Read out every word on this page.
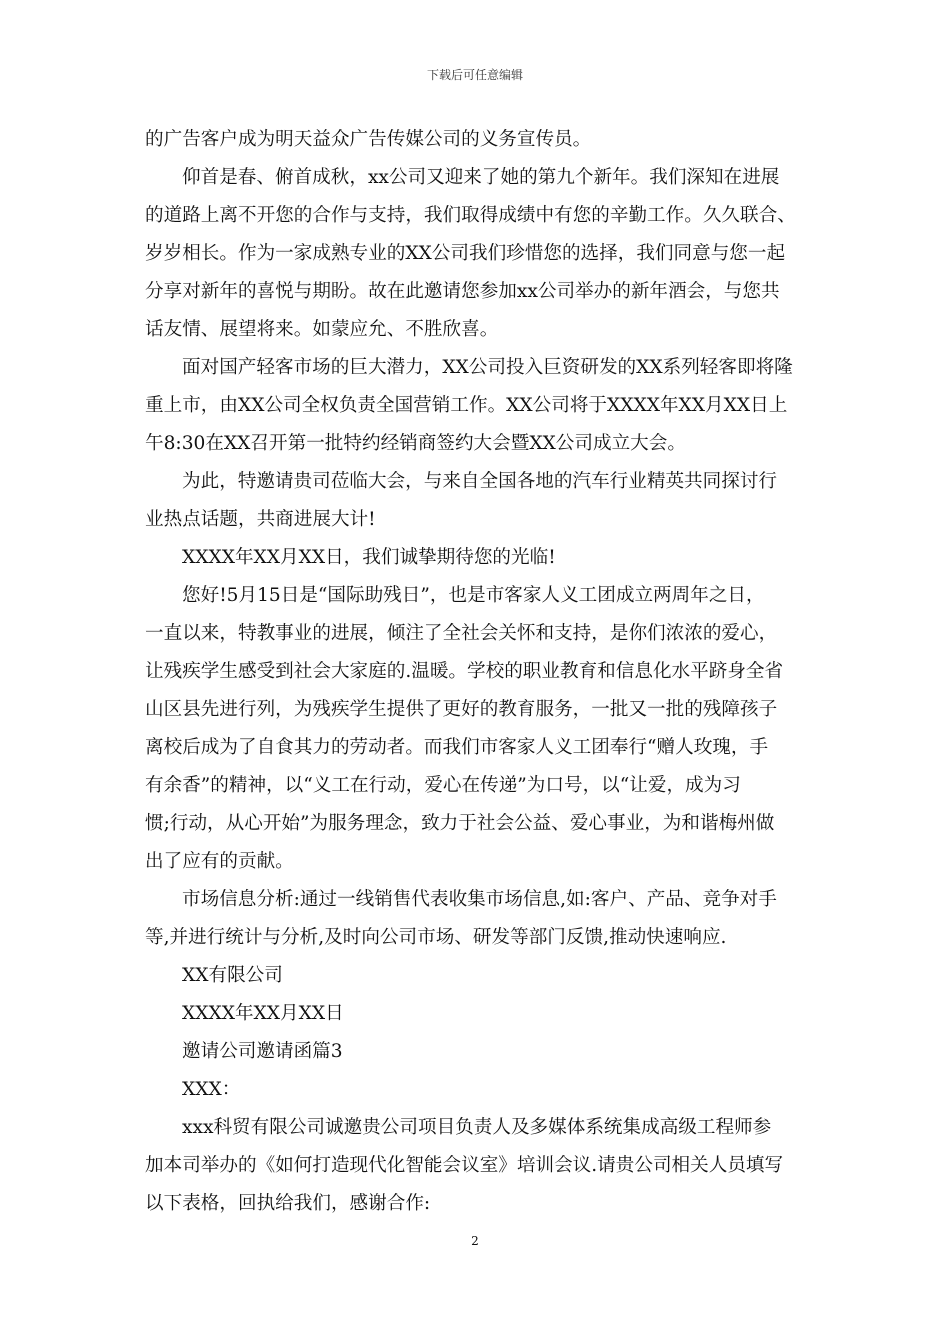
下载后可任意编辑
的广告客户成为明天益众广告传媒公司的义务宣传员。
仰首是春、俯首成秋，xx公司又迎来了她的第九个新年。我们深知在进展
的道路上离不开您的合作与支持，我们取得成绩中有您的辛勤工作。久久联合、
岁岁相长。作为一家成熟专业的XX公司我们珍惜您的选择，我们同意与您一起
分享对新年的喜悦与期盼。故在此邀请您参加xx公司举办的新年酒会，与您共
话友情、展望将来。如蒙应允、不胜欣喜。
面对国产轻客市场的巨大潜力，XX公司投入巨资研发的XX系列轻客即将隆
重上市，由XX公司全权负责全国营销工作。XX公司将于XXXX年XX月XX日上
午8:30在XX召开第一批特约经销商签约大会暨XX公司成立大会。
为此，特邀请贵司莅临大会，与来自全国各地的汽车行业精英共同探讨行
业热点话题，共商进展大计!
XXXX年XX月XX日，我们诚挚期待您的光临!
您好!5月15日是“国际助残日”，也是市客家人义工团成立两周年之日，
一直以来，特教事业的进展，倾注了全社会关怀和支持，是你们浓浓的爱心，
让残疾学生感受到社会大家庭的.温暖。学校的职业教育和信息化水平跻身全省
山区县先进行列，为残疾学生提供了更好的教育服务，一批又一批的残障孩子
离校后成为了自食其力的劳动者。而我们市客家人义工团奉行“赠人玫瑰，手
有余香”的精神，以“义工在行动，爱心在传递”为口号，以“让爱，成为习
惯;行动，从心开始”为服务理念，致力于社会公益、爱心事业，为和谐梅州做
出了应有的贡献。
市场信息分析:通过一线销售代表收集市场信息,如:客户、产品、竞争对手
等,并进行统计与分析,及时向公司市场、研发等部门反馈,推动快速响应.
XX有限公司
XXXX年XX月XX日
邀请公司邀请函篇3
XXX：
xxx科贸有限公司诚邀贵公司项目负责人及多媒体系统集成高级工程师参
加本司举办的《如何打造现代化智能会议室》培训会议.请贵公司相关人员填写
以下表格，回执给我们，感谢合作:
2
